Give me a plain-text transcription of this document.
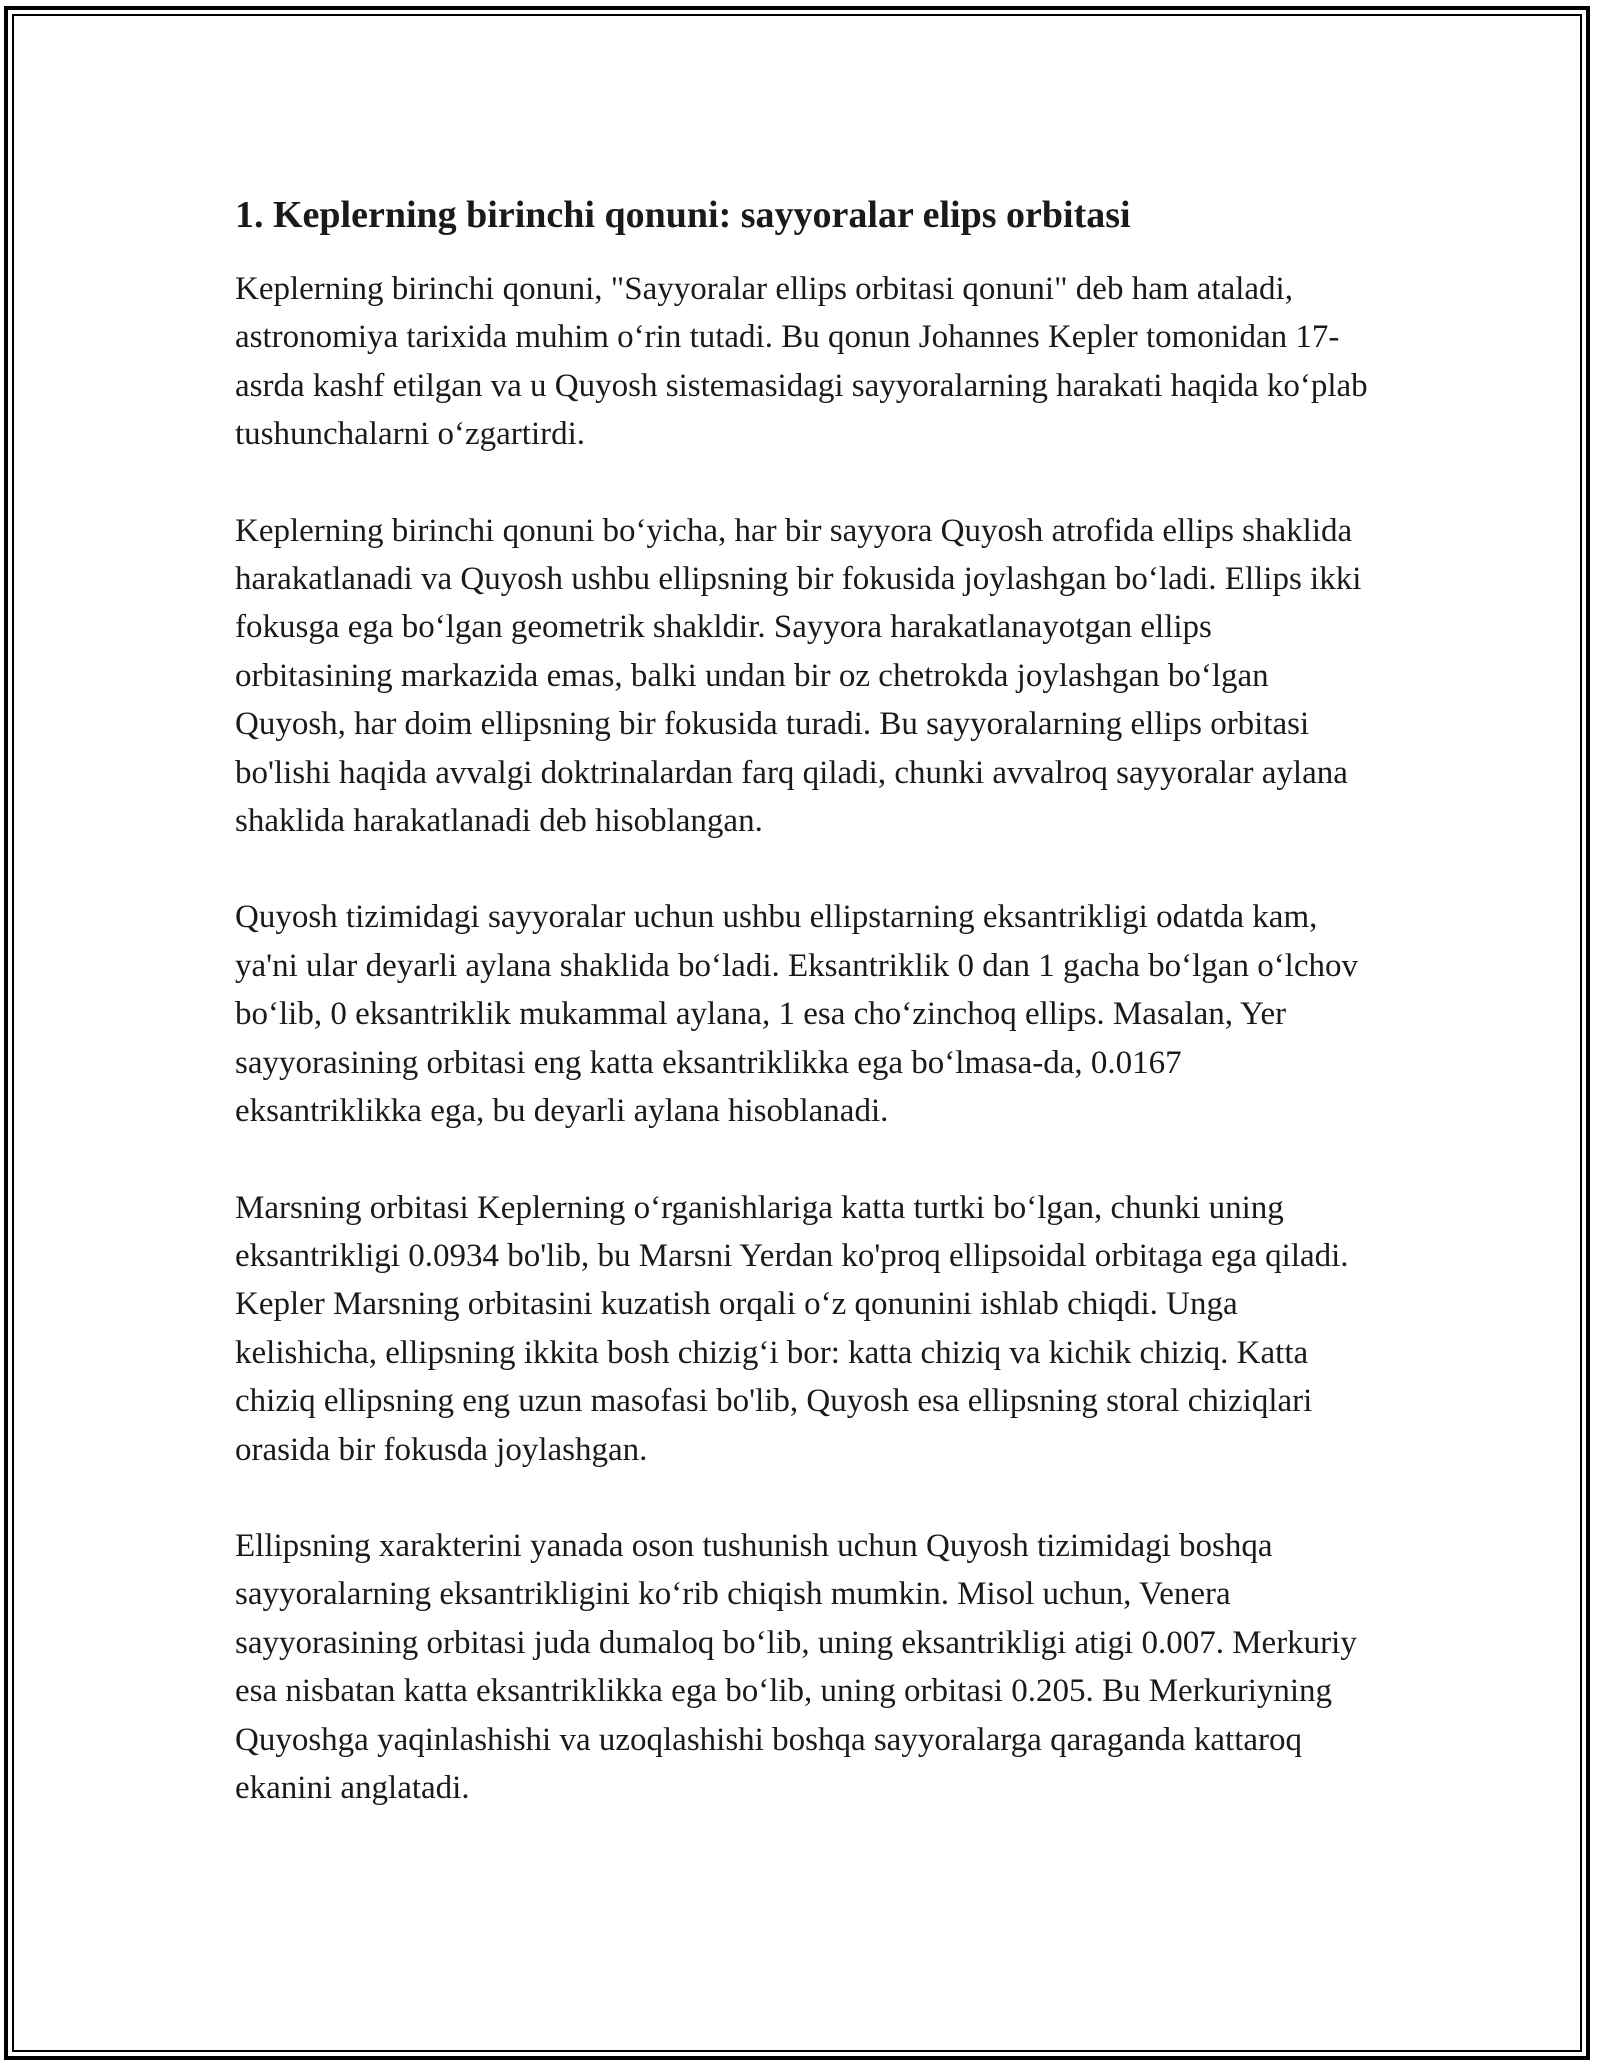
1. Keplerning birinchi qonuni: sayyoralar elips orbitasi

Keplerning birinchi qonuni, "Sayyoralar ellips orbitasi qonuni" deb ham ataladi, astronomiya tarixida muhim o‘rin tutadi. Bu qonun Johannes Kepler tomonidan 17-asrda kashf etilgan va u Quyosh sistemasidagi sayyoralarning harakati haqida ko‘plab tushunchalarni o‘zgartirdi.

Keplerning birinchi qonuni bo‘yicha, har bir sayyora Quyosh atrofida ellips shaklida harakatlanadi va Quyosh ushbu ellipsning bir fokusida joylashgan bo‘ladi. Ellips ikki fokusga ega bo‘lgan geometrik shakldir. Sayyora harakatlanayotgan ellips orbitasining markazida emas, balki undan bir oz chetrokda joylashgan bo‘lgan Quyosh, har doim ellipsning bir fokusida turadi. Bu sayyoralarning ellips orbitasi bo'lishi haqida avvalgi doktrinalardan farq qiladi, chunki avvalroq sayyoralar aylana shaklida harakatlanadi deb hisoblangan.

Quyosh tizimidagi sayyoralar uchun ushbu ellipstarning eksantrikligi odatda kam, ya'ni ular deyarli aylana shaklida bo‘ladi. Eksantriklik 0 dan 1 gacha bo‘lgan o‘lchov bo‘lib, 0 eksantriklik mukammal aylana, 1 esa cho‘zinchoq ellips. Masalan, Yer sayyorasining orbitasi eng katta eksantriklikka ega bo‘lmasa-da, 0.0167 eksantriklikka ega, bu deyarli aylana hisoblanadi.

Marsning orbitasi Keplerning o‘rganishlariga katta turtki bo‘lgan, chunki uning eksantrikligi 0.0934 bo'lib, bu Marsni Yerdan ko'proq ellipsoidal orbitaga ega qiladi. Kepler Marsning orbitasini kuzatish orqali o‘z qonunini ishlab chiqdi. Unga kelishicha, ellipsning ikkita bosh chizig‘i bor: katta chiziq va kichik chiziq. Katta chiziq ellipsning eng uzun masofasi bo'lib, Quyosh esa ellipsning storal chiziqlari orasida bir fokusda joylashgan.

Ellipsning xarakterini yanada oson tushunish uchun Quyosh tizimidagi boshqa sayyoralarning eksantrikligini ko‘rib chiqish mumkin. Misol uchun, Venera sayyorasining orbitasi juda dumaloq bo‘lib, uning eksantrikligi atigi 0.007. Merkuriy esa nisbatan katta eksantriklikka ega bo‘lib, uning orbitasi 0.205. Bu Merkuriyning Quyoshga yaqinlashishi va uzoqlashishi boshqa sayyoralarga qaraganda kattaroq ekanini anglatadi.
